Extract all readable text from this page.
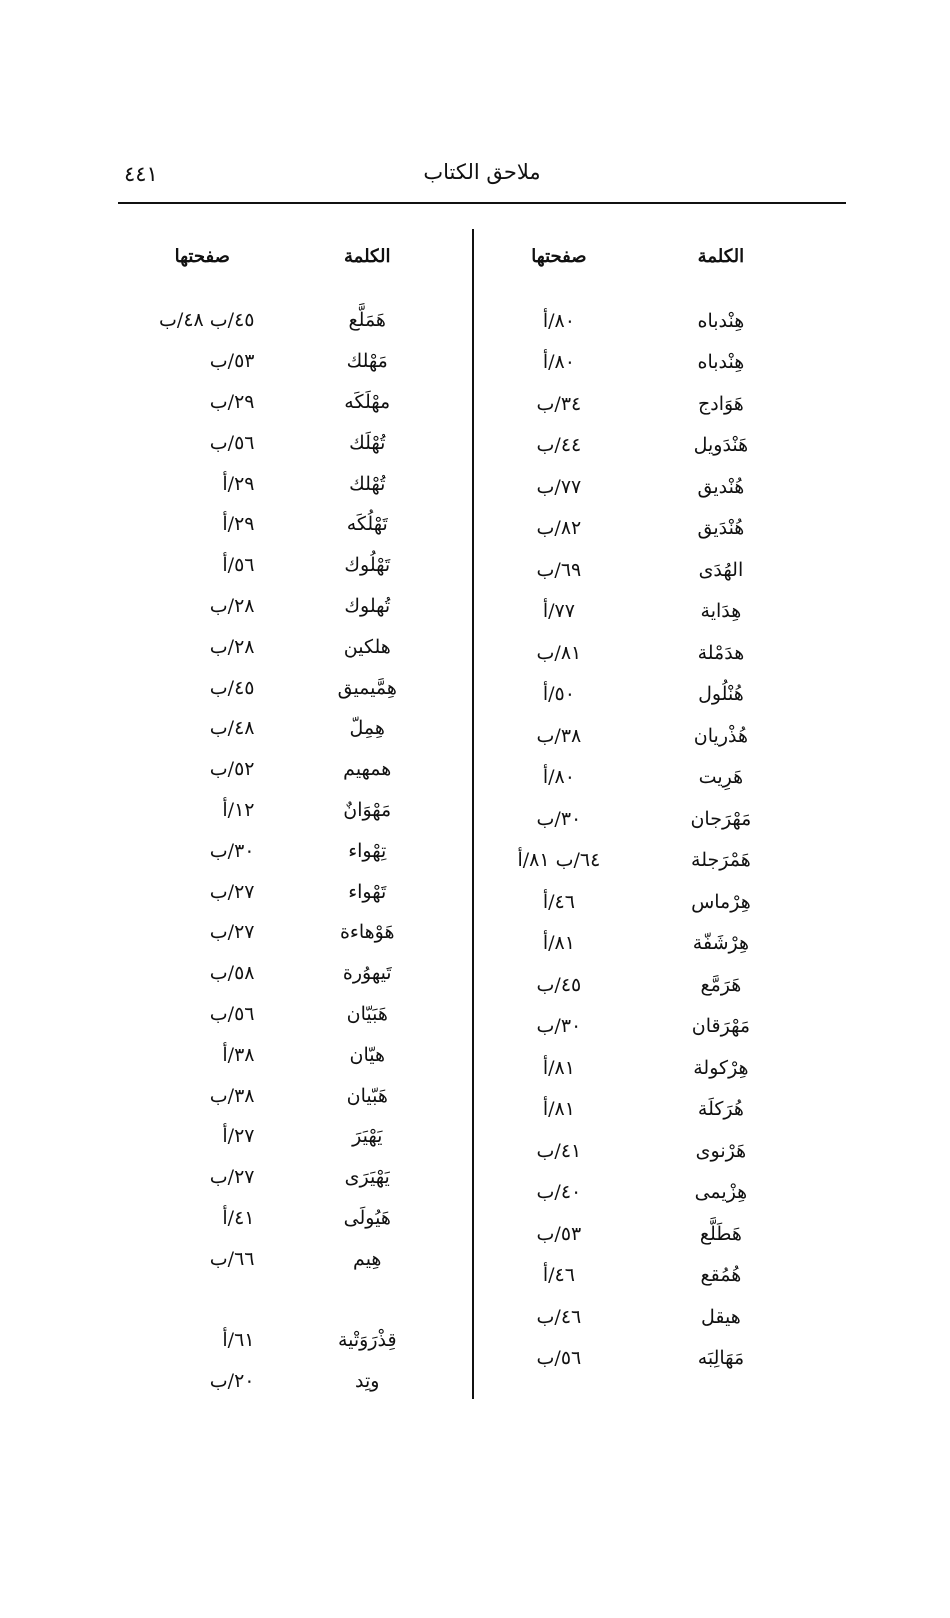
٤٤١	ملاحق الكتاب
الكلمة
صفحتها
هِنْدباه
٨٠/أ
هِنْدباه
٨٠/أ
هَوَادج
٣٤/ب
هَنْدَويل
٤٤/ب
هُنْديق
٧٧/ب
هُنْدَيق
٨٢/ب
الهُدَى
٦٩/ب
هِدَاية
٧٧/أ
هدَمْلة
٨١/ب
هُنْلُول
٥٠/أ
هُذْريان
٣٨/ب
هَرِيت
٨٠/أ
مَهْرَجان
٣٠/ب
هَمْرَجلة
٦٤/ب ٨١/أ
هِرْماس
٤٦/أ
هِرْشَفّة
٨١/أ
هَرَمَّع
٤٥/ب
مَهْرَقان
٣٠/ب
هِرْكولة
٨١/أ
هُرَكلَة
٨١/أ
هَرْنوى
٤١/ب
هِزْيمى
٤٠/ب
هَطَلَّع
٥٣/ب
هُمُقع
٤٦/أ
هيقل
٤٦/ب
مَهَالِبَه
٥٦/ب
الكلمة
صفحتها
هَمَلَّع
٤٥/ب ٤٨/ب
مَهْلك
٥٣/ب
مهْلَكَه
٢٩/ب
تُهْلَك
٥٦/ب
تُهْلك
٢٩/أ
تَهْلُكَه
٢٩/أ
تَهْلُوك
٥٦/أ
تُهلوك
٢٨/ب
هلكين
٢٨/ب
هِمَّيميق
٤٥/ب
هِمِلّ
٤٨/ب
همهيم
٥٢/ب
مَهْوَانٌ
١٢/أ
تِهْواء
٣٠/ب
تَهْواء
٢٧/ب
هَوْهاءة
٢٧/ب
تَيهوُرة
٥٨/ب
هَبَيّان
٥٦/ب
هيّان
٣٨/أ
هَبّيان
٣٨/ب
يَهْيَرَ
٢٧/أ
يَهْيَرَى
٢٧/ب
هَيُولَى
٤١/أ
هِيم
٦٦/ب
قِذْرَوَتْية
٦١/أ
وتِد
٢٠/ب
